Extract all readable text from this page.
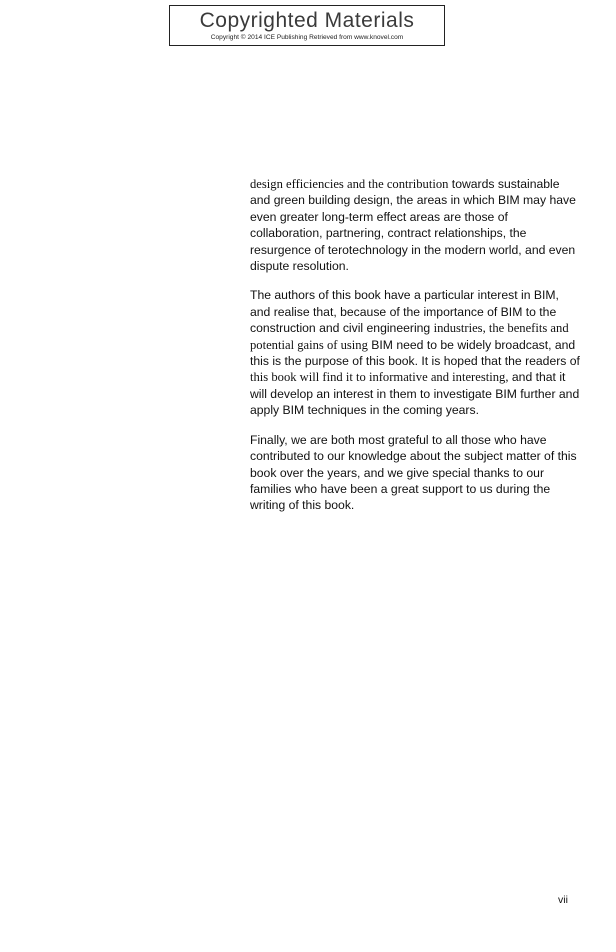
Copyrighted Materials
Copyright © 2014 ICE Publishing Retrieved from www.knovel.com

design efficiencies and the contribution towards sustainable and green building design, the areas in which BIM may have even greater long-term effect areas are those of collaboration, partnering, contract relationships, the resurgence of terotechnology in the modern world, and even dispute resolution.

The authors of this book have a particular interest in BIM, and realise that, because of the importance of BIM to the construction and civil engineering industries, the benefits and potential gains of using BIM need to be widely broadcast, and this is the purpose of this book. It is hoped that the readers of this book will find it to informative and interesting, and that it will develop an interest in them to investigate BIM further and apply BIM techniques in the coming years.

Finally, we are both most grateful to all those who have contributed to our knowledge about the subject matter of this book over the years, and we give special thanks to our families who have been a great support to us during the writing of this book.

vii
